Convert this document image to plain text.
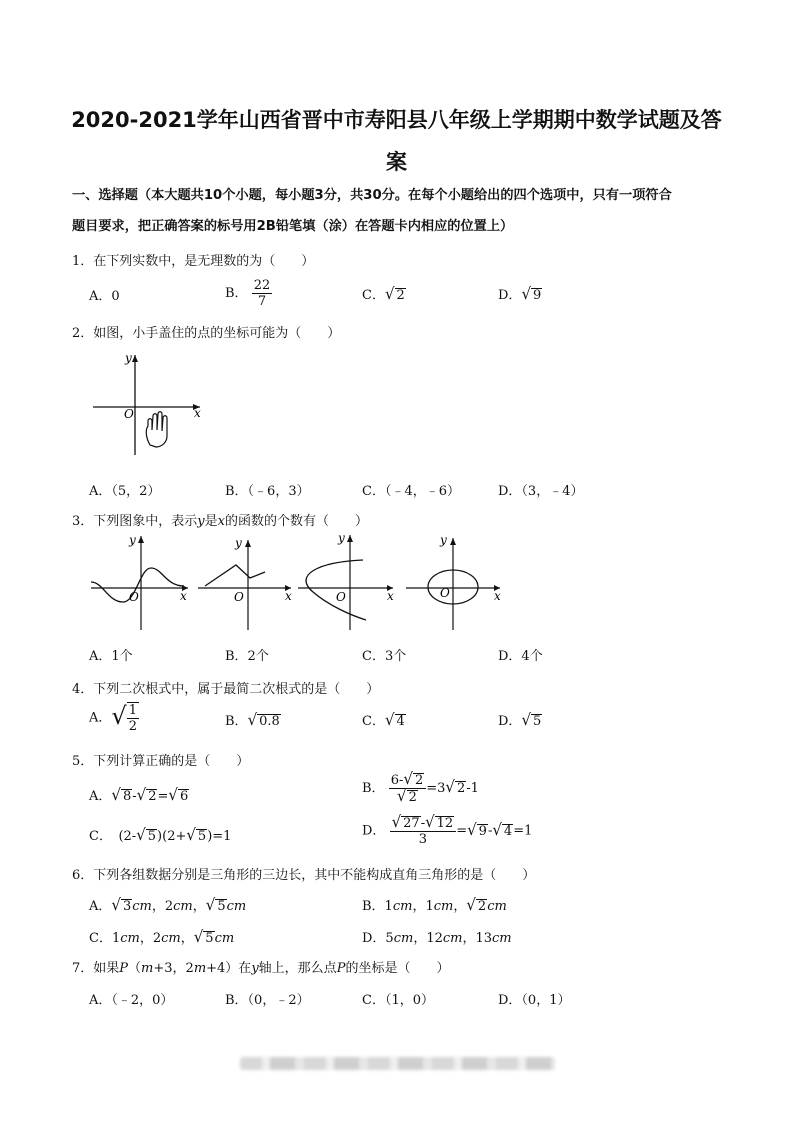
2020-2021学年山西省晋中市寿阳县八年级上学期期中数学试题及答
案
一、选择题（本大题共10个小题，每小题3分，共30分。在每个小题给出的四个选项中，只有一项符合
题目要求，把正确答案的标号用2B铅笔填（涂）在答题卡内相应的位置上）
1．在下列实数中，是无理数的为（　　）
A．0	B． $\frac{22}{7}$	C．√ 2	D．√ 9
2．如图，小手盖住的点的坐标可能为（　　）
y
x
O
A．（5，2）	B．（﹣6，3）	C．（﹣4，﹣6）	D．（3，﹣4）
3．下列图象中，表示y是x的函数的个数有（　　）
y
x
O
y
x
O
y
x
O
y
x
O
A．1个	B．2个	C．3个	D．4个
4．下列二次根式中，属于最简二次根式的是（　　）
A．√ $\frac{1}{2}$	B．√ 0.8	C．√ 4	D．√ 5
5．下列计算正确的是（　　）
A．√ 8-√ 2=√ 6
B． $\frac{6-√ 2}{√ 2} =3√$ 2-1
C．  (2-√ 5)(2+√ 5)=1	D． $\frac{√ 27-√ 12}{3}$ =√ 9-√ 4=1
6．下列各组数据分别是三角形的三边长，其中不能构成直角三角形的是（　　）
A．√ 3cm，2cm，√ 5cm	B．1cm，1cm，√ 2cm
C．1cm，2cm，√ 5cm	D．5cm，12cm，13cm
7．如果P（m+3，2m+4）在y轴上，那么点P的坐标是（　　）
A．（﹣2，0）	B．（0，﹣2）	C．（1，0）	D．（0，1）
